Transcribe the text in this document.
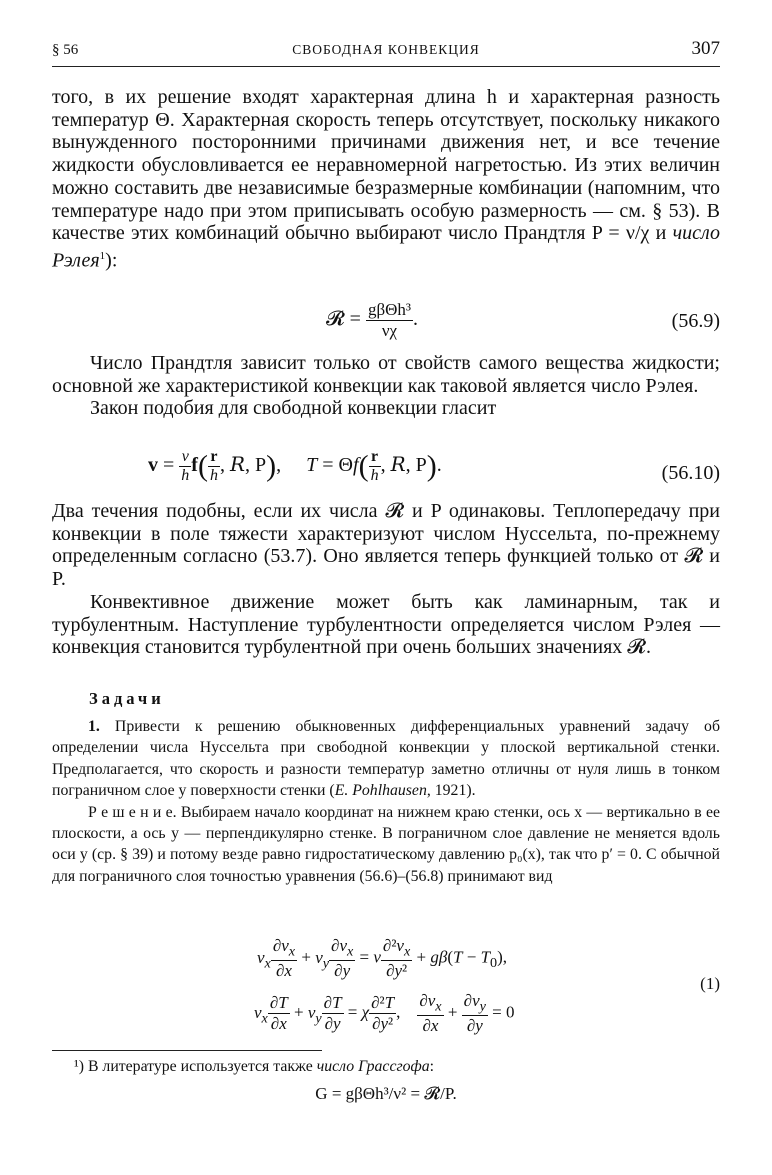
§ 56	СВОБОДНАЯ КОНВЕКЦИЯ	307

того, в их решение входят характерная длина h и характерная разность температур Θ. Характерная скорость теперь отсутствует, поскольку никакого вынужденного посторонними причинами движения нет, и все течение жидкости обусловливается ее неравномерной нагретостью. Из этих величин можно составить две независимые безразмерные комбинации (напомним, что температуре надо при этом приписывать особую размерность — см. § 53). В качестве этих комбинаций обычно выбирают число Прандтля P = ν/χ и число Рэлея$^1$):

𝓡 = $\frac{\text{gβΘh³}}{\nu\chi}$ .	(56.9)

Число Прандтля зависит только от свойств самого вещества жидкости; основной же характеристикой конвекции как таковой является число Рэлея.

Закон подобия для свободной конвекции гласит

$v = \frac{\nu}{h} f( \frac{r}{h}$ , R, P),     $T = \Theta f( \frac{r}{h}$ , R, P).	(56.10)

Два течения подобны, если их числа 𝓡 и P одинаковы. Теплопередачу при конвекции в поле тяжести характеризуют числом Нуссельта, по-прежнему определенным согласно (53.7). Оно является теперь функцией только от 𝓡 и P.

Конвективное движение может быть как ламинарным, так и турбулентным. Наступление турбулентности определяется числом Рэлея — конвекция становится турбулентной при очень больших значениях 𝓡.

Задачи

1. Привести к решению обыкновенных дифференциальных уравнений задачу об определении числа Нуссельта при свободной конвекции у плоской вертикальной стенки. Предполагается, что скорость и разности температур заметно отличны от нуля лишь в тонком пограничном слое у поверхности стенки (E. Pohlhausen, 1921).

Р е ш е н и е. Выбираем начало координат на нижнем краю стенки, ось x — вертикально в ее плоскости, а ось y — перпендикулярно стенке. В пограничном слое давление не меняется вдоль оси y (ср. § 39) и потому везде равно гидростатическому давлению p₀(x), так что p′ = 0. С обычной для пограничного слоя точностью уравнения (56.6)–(56.8) принимают вид

$v_x \frac{\partial v_x}{\partial x} + v_y \frac{\partial v_x}{\partial y} = \nu \frac{\partial^2v_x}{\text{∂y²}} + g\beta(T - T_0)$,
$v_x \frac{\partial T}{\partial x} + v_y \frac{\partial T}{\partial y} = \chi \frac{\text{∂²T}}{\text{∂y²}}$ , $\frac{\partial v_x}{\partial x} + \frac{\partial v_y}{\partial y} = 0$
(1)

¹) В литературе используется также число Грассгофа:

G = gβΘh³/ν² = 𝓡/P.
